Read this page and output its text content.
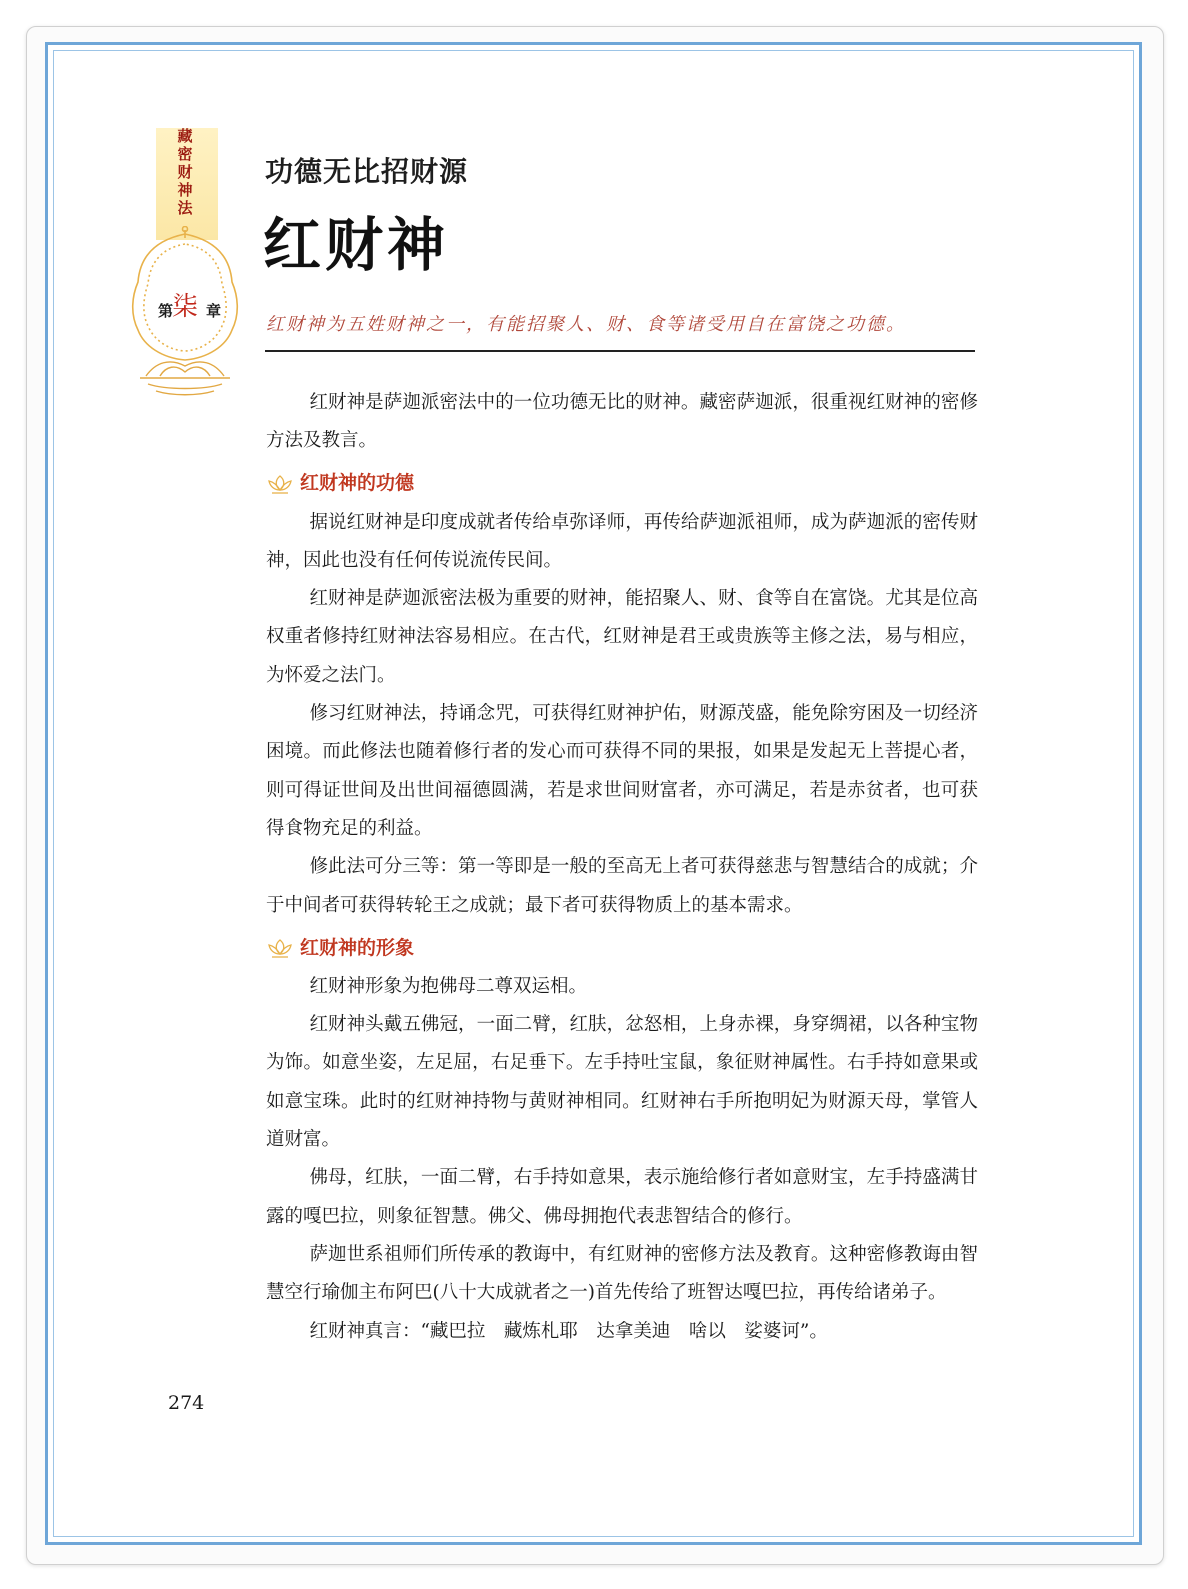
藏密财神法
第
柒 章
功德无比招财源
红财神
红财神为五姓财神之一，有能招聚人、财、食等诸受用自在富饶之功德。

红财神是萨迦派密法中的一位功德无比的财神。藏密萨迦派，很重视红财神的密修方法及教言。

红财神的功德

据说红财神是印度成就者传给卓弥译师，再传给萨迦派祖师，成为萨迦派的密传财神，因此也没有任何传说流传民间。

红财神是萨迦派密法极为重要的财神，能招聚人、财、食等自在富饶。尤其是位高权重者修持红财神法容易相应。在古代，红财神是君王或贵族等主修之法，易与相应，为怀爱之法门。

修习红财神法，持诵念咒，可获得红财神护佑，财源茂盛，能免除穷困及一切经济困境。而此修法也随着修行者的发心而可获得不同的果报，如果是发起无上菩提心者，则可得证世间及出世间福德圆满，若是求世间财富者，亦可满足，若是赤贫者，也可获得食物充足的利益。

修此法可分三等：第一等即是一般的至高无上者可获得慈悲与智慧结合的成就；介于中间者可获得转轮王之成就；最下者可获得物质上的基本需求。

红财神的形象

红财神形象为抱佛母二尊双运相。

红财神头戴五佛冠，一面二臂，红肤，忿怒相，上身赤裸，身穿绸裙，以各种宝物为饰。如意坐姿，左足屈，右足垂下。左手持吐宝鼠，象征财神属性。右手持如意果或如意宝珠。此时的红财神持物与黄财神相同。红财神右手所抱明妃为财源天母，掌管人道财富。

佛母，红肤，一面二臂，右手持如意果，表示施给修行者如意财宝，左手持盛满甘露的嘎巴拉，则象征智慧。佛父、佛母拥抱代表悲智结合的修行。

萨迦世系祖师们所传承的教诲中，有红财神的密修方法及教育。这种密修教诲由智慧空行瑜伽主布阿巴(八十大成就者之一)首先传给了班智达嘎巴拉，再传给诸弟子。

红财神真言：“藏巴拉　藏炼札耶　达拿美迪　啥以　娑婆诃”。

274
